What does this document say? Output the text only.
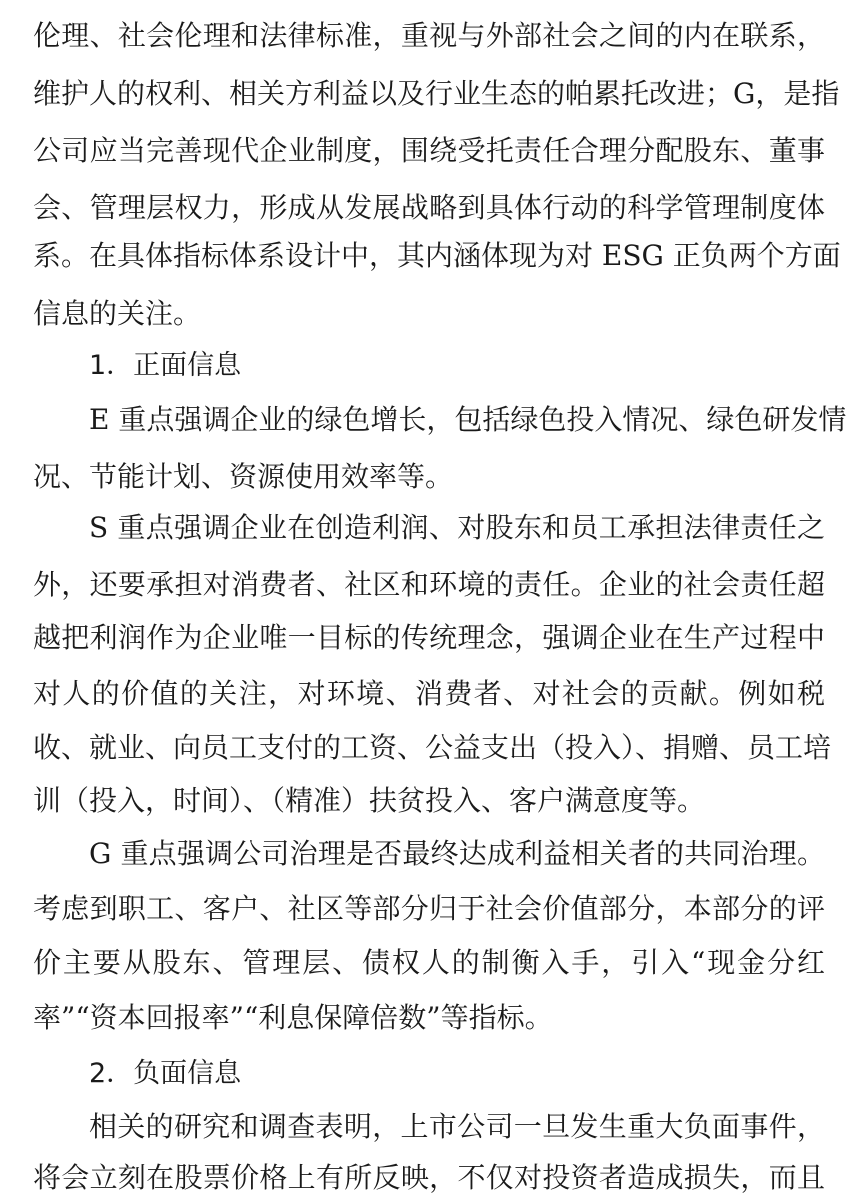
伦理、社会伦理和法律标准，重视与外部社会之间的内在联系，
维护人的权利、相关方利益以及行业生态的帕累托改进；G，是指
公司应当完善现代企业制度，围绕受托责任合理分配股东、董事
会、管理层权力，形成从发展战略到具体行动的科学管理制度体
系。在具体指标体系设计中，其内涵体现为对 ESG 正负两个方面
信息的关注。
1．正面信息
E 重点强调企业的绿色增长，包括绿色投入情况、绿色研发情
况、节能计划、资源使用效率等。
S 重点强调企业在创造利润、对股东和员工承担法律责任之
外，还要承担对消费者、社区和环境的责任。企业的社会责任超
越把利润作为企业唯一目标的传统理念，强调企业在生产过程中
对人的价值的关注，对环境、消费者、对社会的贡献。例如税
收、就业、向员工支付的工资、公益支出（投入）、捐赠、员工培
训（投入，时间）、（精准）扶贫投入、客户满意度等。
G 重点强调公司治理是否最终达成利益相关者的共同治理。
考虑到职工、客户、社区等部分归于社会价值部分，本部分的评
价主要从股东、管理层、债权人的制衡入手，引入“现金分红
率”“资本回报率”“利息保障倍数”等指标。
2．负面信息
相关的研究和调查表明，上市公司一旦发生重大负面事件，
将会立刻在股票价格上有所反映，不仅对投资者造成损失，而且
